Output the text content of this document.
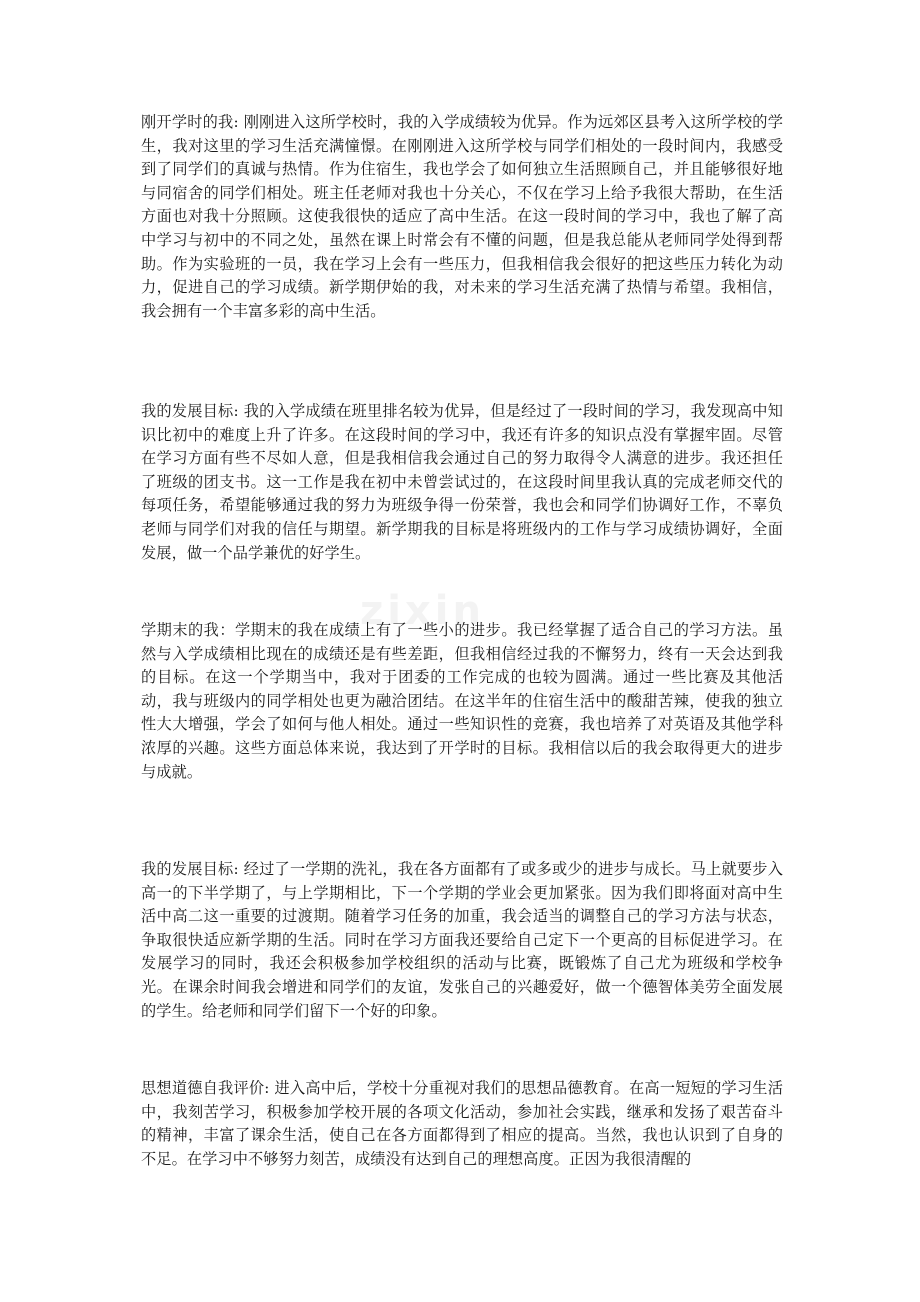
zixin

刚开学时的我: 刚刚进入这所学校时，我的入学成绩较为优异。作为远郊区县考入这所学校的学生，我对这里的学习生活充满憧憬。在刚刚进入这所学校与同学们相处的一段时间内，我感受到了同学们的真诚与热情。作为住宿生，我也学会了如何独立生活照顾自己，并且能够很好地与同宿舍的同学们相处。班主任老师对我也十分关心，不仅在学习上给予我很大帮助，在生活方面也对我十分照顾。这使我很快的适应了高中生活。在这一段时间的学习中，我也了解了高中学习与初中的不同之处，虽然在课上时常会有不懂的问题，但是我总能从老师同学处得到帮助。作为实验班的一员，我在学习上会有一些压力，但我相信我会很好的把这些压力转化为动力，促进自己的学习成绩。新学期伊始的我，对未来的学习生活充满了热情与希望。我相信，我会拥有一个丰富多彩的高中生活。

我的发展目标: 我的入学成绩在班里排名较为优异，但是经过了一段时间的学习，我发现高中知识比初中的难度上升了许多。在这段时间的学习中，我还有许多的知识点没有掌握牢固。尽管在学习方面有些不尽如人意，但是我相信我会通过自己的努力取得令人满意的进步。我还担任了班级的团支书。这一工作是我在初中未曾尝试过的，在这段时间里我认真的完成老师交代的每项任务，希望能够通过我的努力为班级争得一份荣誉，我也会和同学们协调好工作，不辜负老师与同学们对我的信任与期望。新学期我的目标是将班级内的工作与学习成绩协调好，全面发展，做一个品学兼优的好学生。

学期末的我：学期末的我在成绩上有了一些小的进步。我已经掌握了适合自己的学习方法。虽然与入学成绩相比现在的成绩还是有些差距，但我相信经过我的不懈努力，终有一天会达到我的目标。在这一个学期当中，我对于团委的工作完成的也较为圆满。通过一些比赛及其他活动，我与班级内的同学相处也更为融洽团结。在这半年的住宿生活中的酸甜苦辣，使我的独立性大大增强，学会了如何与他人相处。通过一些知识性的竞赛，我也培养了对英语及其他学科浓厚的兴趣。这些方面总体来说，我达到了开学时的目标。我相信以后的我会取得更大的进步与成就。

我的发展目标: 经过了一学期的洗礼，我在各方面都有了或多或少的进步与成长。马上就要步入高一的下半学期了，与上学期相比，下一个学期的学业会更加紧张。因为我们即将面对高中生活中高二这一重要的过渡期。随着学习任务的加重，我会适当的调整自己的学习方法与状态，争取很快适应新学期的生活。同时在学习方面我还要给自己定下一个更高的目标促进学习。在发展学习的同时，我还会积极参加学校组织的活动与比赛，既锻炼了自己尤为班级和学校争光。在课余时间我会增进和同学们的友谊，发张自己的兴趣爱好，做一个德智体美劳全面发展的学生。给老师和同学们留下一个好的印象。

思想道德自我评价: 进入高中后，学校十分重视对我们的思想品德教育。在高一短短的学习生活中，我刻苦学习，积极参加学校开展的各项文化活动，参加社会实践，继承和发扬了艰苦奋斗的精神，丰富了课余生活，使自己在各方面都得到了相应的提高。当然，我也认识到了自身的不足。在学习中不够努力刻苦，成绩没有达到自己的理想高度。正因为我很清醒的
